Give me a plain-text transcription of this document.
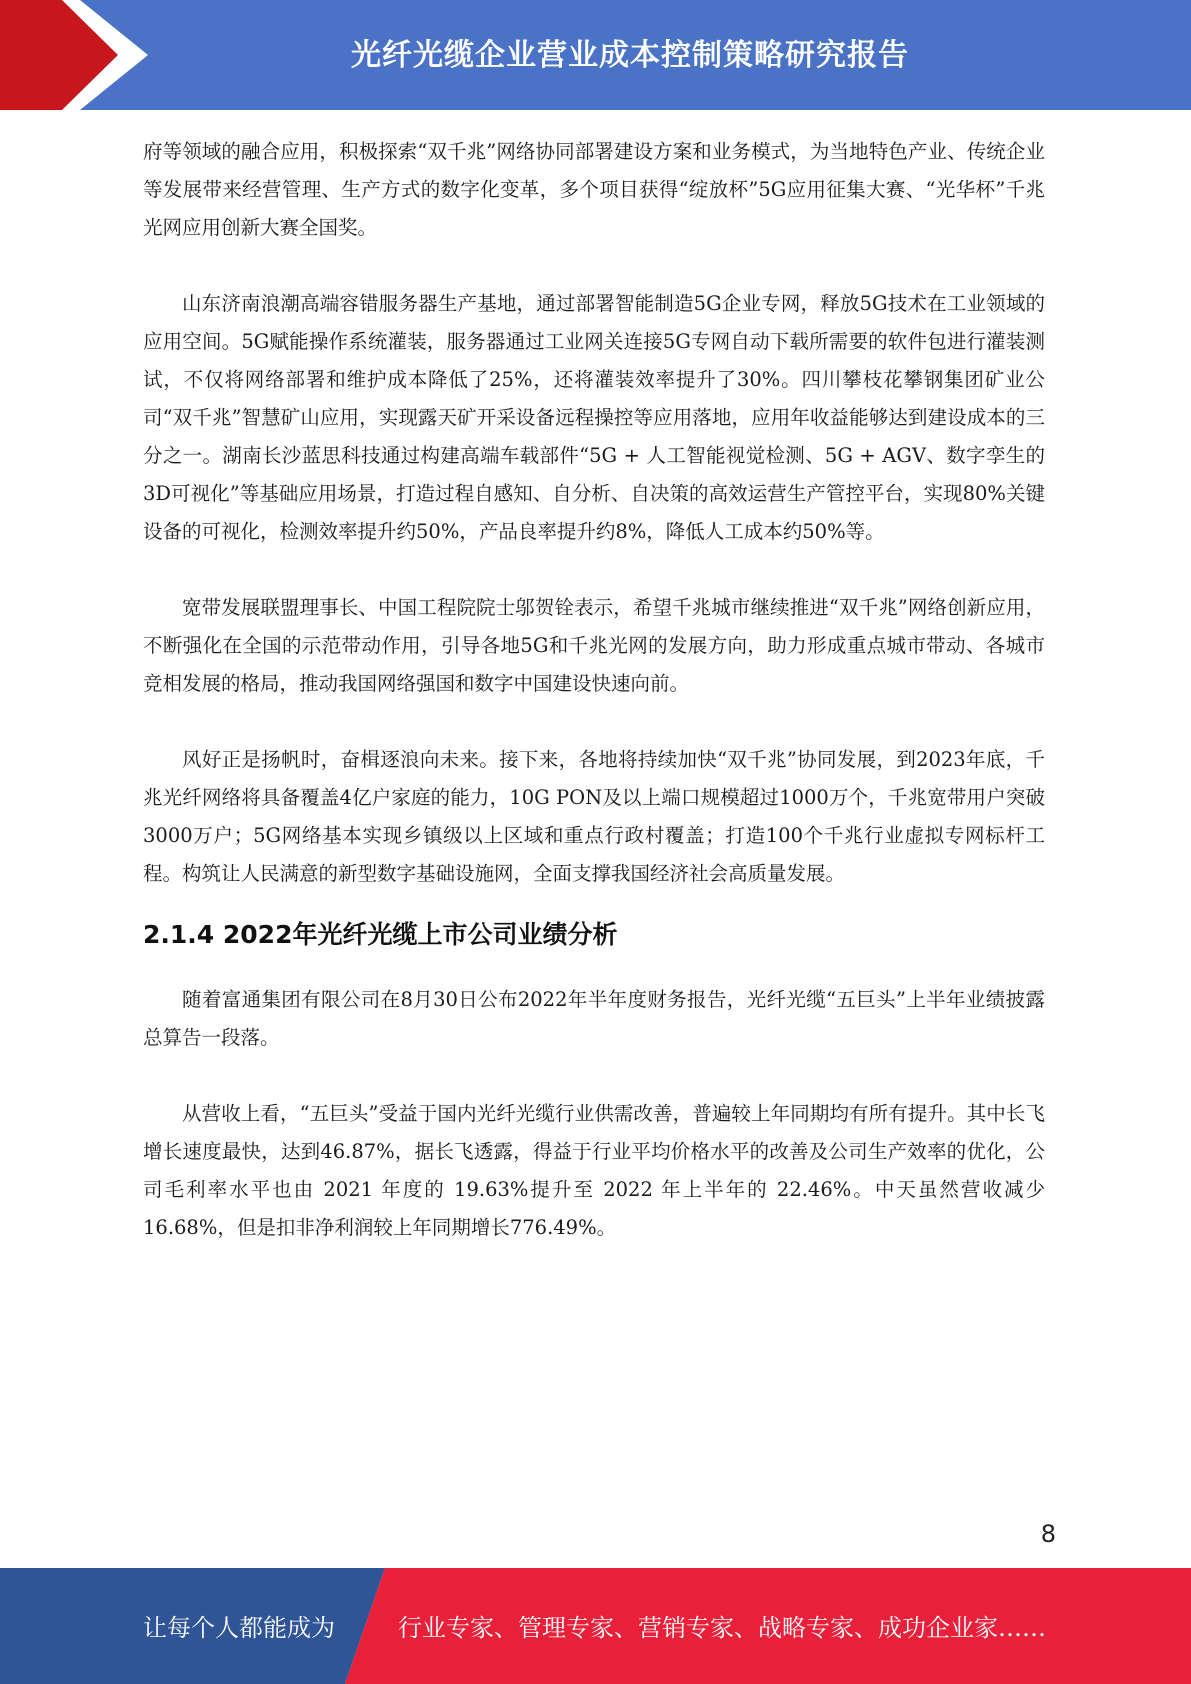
光纤光缆企业营业成本控制策略研究报告

府等领域的融合应用，积极探索“双千兆”网络协同部署建设方案和业务模式，为当地特色产业、传统企业等发展带来经营管理、生产方式的数字化变革，多个项目获得“绽放杯”5G应用征集大赛、“光华杯”千兆光网应用创新大赛全国奖。

山东济南浪潮高端容错服务器生产基地，通过部署智能制造5G企业专网，释放5G技术在工业领域的应用空间。5G赋能操作系统灌装，服务器通过工业网关连接5G专网自动下载所需要的软件包进行灌装测试，不仅将网络部署和维护成本降低了25%，还将灌装效率提升了30%。四川攀枝花攀钢集团矿业公司“双千兆”智慧矿山应用，实现露天矿开采设备远程操控等应用落地，应用年收益能够达到建设成本的三分之一。湖南长沙蓝思科技通过构建高端车载部件“5G + 人工智能视觉检测、5G + AGV、数字孪生的3D可视化”等基础应用场景，打造过程自感知、自分析、自决策的高效运营生产管控平台，实现80%关键设备的可视化，检测效率提升约50%，产品良率提升约8%，降低人工成本约50%等。

宽带发展联盟理事长、中国工程院院士邬贺铨表示，希望千兆城市继续推进“双千兆”网络创新应用，不断强化在全国的示范带动作用，引导各地5G和千兆光网的发展方向，助力形成重点城市带动、各城市竞相发展的格局，推动我国网络强国和数字中国建设快速向前。

风好正是扬帆时，奋楫逐浪向未来。接下来，各地将持续加快“双千兆”协同发展，到2023年底，千兆光纤网络将具备覆盖4亿户家庭的能力，10G PON及以上端口规模超过1000万个，千兆宽带用户突破3000万户；5G网络基本实现乡镇级以上区域和重点行政村覆盖；打造100个千兆行业虚拟专网标杆工程。构筑让人民满意的新型数字基础设施网，全面支撑我国经济社会高质量发展。

2.1.4 2022年光纤光缆上市公司业绩分析

随着富通集团有限公司在8月30日公布2022年半年度财务报告，光纤光缆“五巨头”上半年业绩披露总算告一段落。

从营收上看，“五巨头”受益于国内光纤光缆行业供需改善，普遍较上年同期均有所有提升。其中长飞增长速度最快，达到46.87%，据长飞透露，得益于行业平均价格水平的改善及公司生产效率的优化，公司毛利率水平也由 2021 年度的 19.63%提升至 2022 年上半年的 22.46%。中天虽然营收减少16.68%，但是扣非净利润较上年同期增长776.49%。

8
让每个人都能成为	行业专家、管理专家、营销专家、战略专家、成功企业家……
